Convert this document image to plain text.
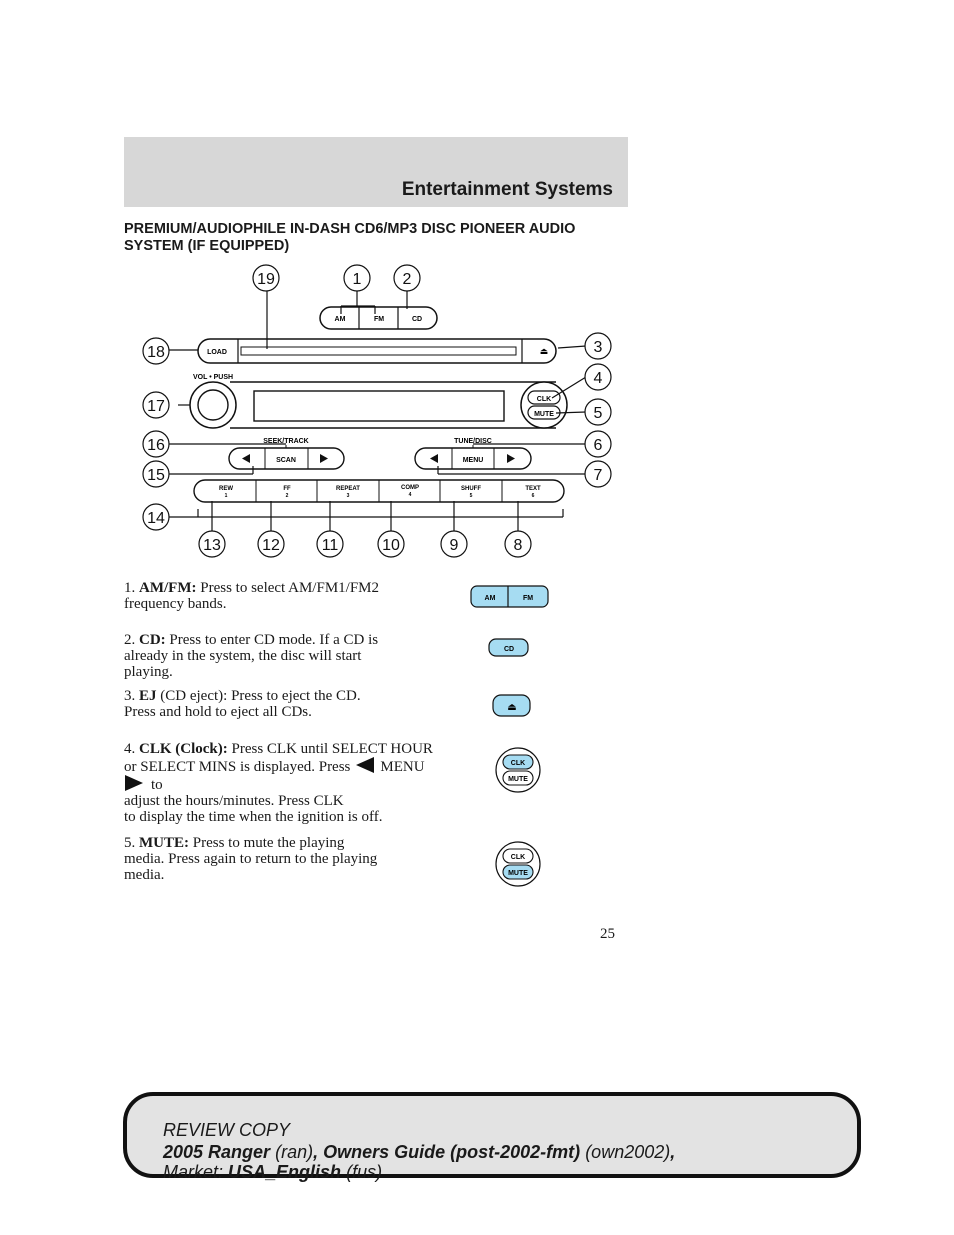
Entertainment Systems
PREMIUM/AUDIOPHILE IN-DASH CD6/MP3 DISC PIONEER AUDIO SYSTEM (IF EQUIPPED)
AM	FM	CD
LOAD	⏏
VOL • PUSH
CLK
MUTE
SEEK/TRACK
SCAN
TUNE/DISC
MENU
REW
1
FF
2
REPEAT
3
COMP
4
SHUFF
5
TEXT
6
19	1	2
18	3
4
17	5
16	6
15	7
14
13	12	11	10	9	8
1. AM/FM: Press to select AM/FM1/FM2 frequency bands.	AM	FM
2. CD: Press to enter CD mode. If a CD is already in the system, the disc will start playing.
CD
3. EJ (CD eject): Press to eject the CD. Press and hold to eject all CDs.	⏏
4. CLK (Clock): Press CLK until SELECT HOUR or SELECT MINS is displayed. Press MENUto
adjust the hours/minutes. Press CLK
to display the time when the ignition is off.
CLK
MUTE
5. MUTE: Press to mute the playing media. Press again to return to the playing media.
CLK
MUTE
25
REVIEW COPY
2005 Ranger (ran), Owners Guide (post-2002-fmt) (own2002),
Market: USA_English (fus)
